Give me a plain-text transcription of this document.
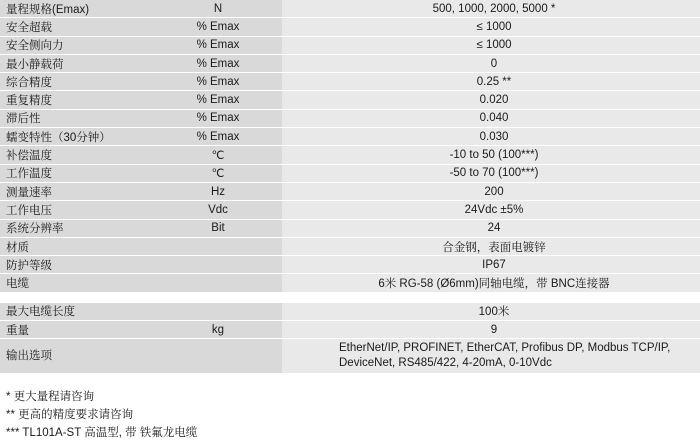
量程规格(Emax)	N	500, 1000, 2000, 5000 *
安全超载	% Emax	≤ 1000
安全侧向力	% Emax	≤ 1000
最小静载荷	% Emax	0
综合精度	% Emax	0.25 **
重复精度	% Emax	0.020
滞后性	% Emax	0.040
蠕变特性（30分钟）	% Emax	0.030
补偿温度	℃	-10 to 50 (100***)
工作温度	℃	-50 to 70 (100***)
测量速率	Hz	200
工作电压	Vdc	24Vdc ±5%
系统分辨率	Bit	24
材质		合金钢，表面电镀锌
防护等级		IP67
电缆		6米 RG-58 (Ø6mm)同轴电缆，带 BNC连接器

最大电缆长度		100米
重量	kg	9
输出选项		EtherNet/IP, PROFINET, EtherCAT, Profibus DP, Modbus TCP/IP,
DeviceNet, RS485/422, 4-20mA, 0-10Vdc
* 更大量程请咨询
** 更高的精度要求请咨询
*** TL101A-ST 高温型, 带 铁氟龙电缆
